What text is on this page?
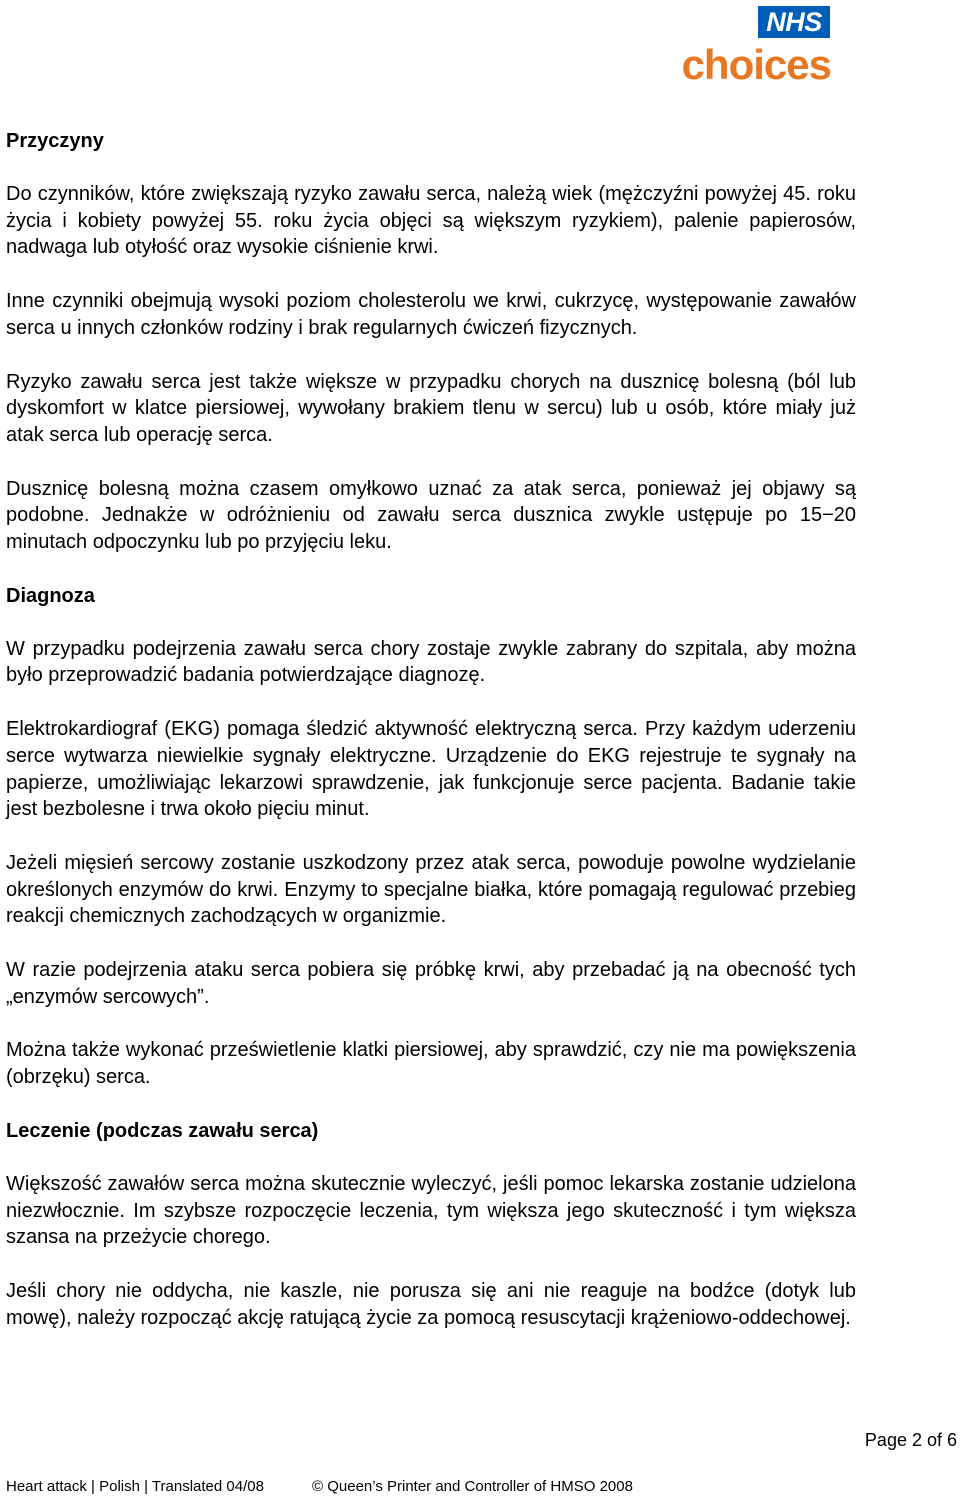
NHS
choices
Przyczyny

Do czynników, które zwiększają ryzyko zawału serca, należą wiek (mężczyźni powyżej 45. roku życia i kobiety powyżej 55. roku życia objęci są większym ryzykiem), palenie papierosów, nadwaga lub otyłość oraz wysokie ciśnienie krwi.

Inne czynniki obejmują wysoki poziom cholesterolu we krwi, cukrzycę, występowanie zawałów serca u innych członków rodziny i brak regularnych ćwiczeń fizycznych.

Ryzyko zawału serca jest także większe w przypadku chorych na dusznicę bolesną (ból lub dyskomfort w klatce piersiowej, wywołany brakiem tlenu w sercu) lub u osób, które miały już atak serca lub operację serca.

Dusznicę bolesną można czasem omyłkowo uznać za atak serca, ponieważ jej objawy są podobne. Jednakże w odróżnieniu od zawału serca dusznica zwykle ustępuje po 15−20 minutach odpoczynku lub po przyjęciu leku.

Diagnoza

W przypadku podejrzenia zawału serca chory zostaje zwykle zabrany do szpitala, aby można było przeprowadzić badania potwierdzające diagnozę.

Elektrokardiograf (EKG) pomaga śledzić aktywność elektryczną serca. Przy każdym uderzeniu serce wytwarza niewielkie sygnały elektryczne. Urządzenie do EKG rejestruje te sygnały na papierze, umożliwiając lekarzowi sprawdzenie, jak funkcjonuje serce pacjenta. Badanie takie jest bezbolesne i trwa około pięciu minut.

Jeżeli mięsień sercowy zostanie uszkodzony przez atak serca, powoduje powolne wydzielanie określonych enzymów do krwi. Enzymy to specjalne białka, które pomagają regulować przebieg reakcji chemicznych zachodzących w organizmie.

W razie podejrzenia ataku serca pobiera się próbkę krwi, aby przebadać ją na obecność tych „enzymów sercowych”.

Można także wykonać prześwietlenie klatki piersiowej, aby sprawdzić, czy nie ma powiększenia (obrzęku) serca.

Leczenie (podczas zawału serca)

Większość zawałów serca można skutecznie wyleczyć, jeśli pomoc lekarska zostanie udzielona niezwłocznie. Im szybsze rozpoczęcie leczenia, tym większa jego skuteczność i tym większa szansa na przeżycie chorego.

Jeśli chory nie oddycha, nie kaszle, nie porusza się ani nie reaguje na bodźce (dotyk lub mowę), należy rozpocząć akcję ratującą życie za pomocą resuscytacji krążeniowo-oddechowej.

Page 2 of 6
Heart attack | Polish | Translated 04/08	© Queen’s Printer and Controller of HMSO 2008
